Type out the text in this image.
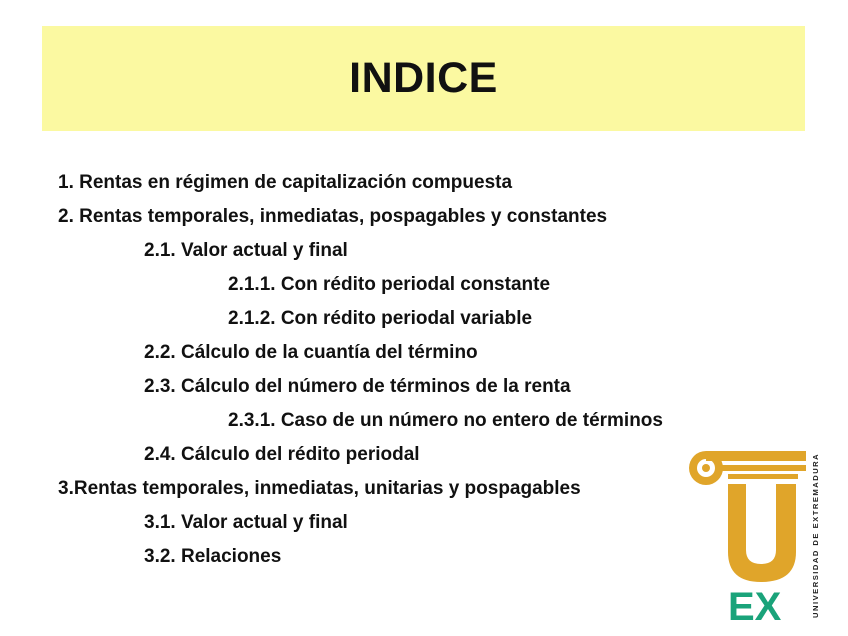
INDICE
1. Rentas en régimen de capitalización compuesta
2. Rentas temporales, inmediatas, pospagables y constantes
2.1. Valor actual y final
2.1.1. Con rédito periodal constante
2.1.2. Con rédito periodal variable
2.2. Cálculo de la cuantía del término
2.3. Cálculo del número de términos de la renta
2.3.1. Caso de un número no entero de términos
2.4. Cálculo del rédito periodal
3.Rentas temporales, inmediatas, unitarias y pospagables
3.1. Valor actual y final
3.2. Relaciones
EX	UNIVERSIDAD DE EXTREMADURA
